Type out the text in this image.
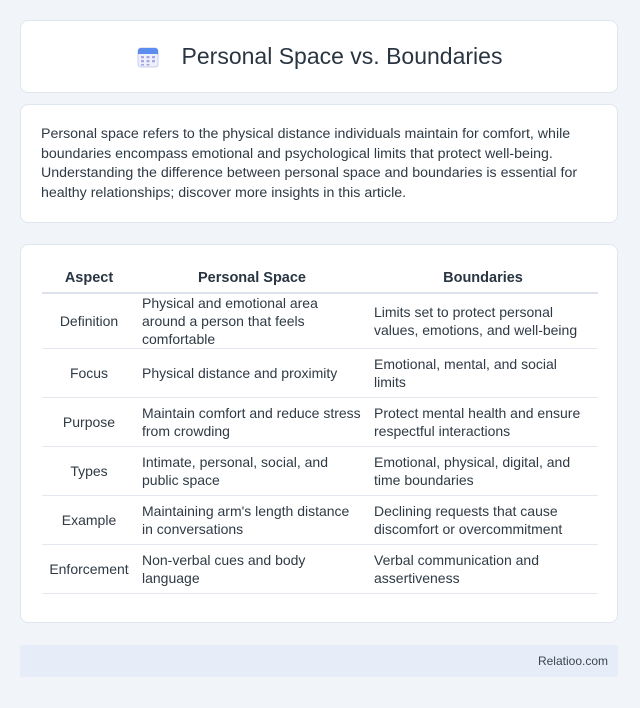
Personal Space vs. Boundaries

Personal space refers to the physical distance individuals maintain for comfort, while boundaries encompass emotional and psychological limits that protect well-being. Understanding the difference between personal space and boundaries is essential for healthy relationships; discover more insights in this article.

Aspect	Personal Space	Boundaries
Definition	Physical and emotional area around a person that feels comfortable	Limits set to protect personal values, emotions, and well-being
Focus	Physical distance and proximity	Emotional, mental, and social limits
Purpose	Maintain comfort and reduce stress from crowding	Protect mental health and ensure respectful interactions
Types	Intimate, personal, social, and public space	Emotional, physical, digital, and time boundaries
Example	Maintaining arm's length distance in conversations	Declining requests that cause discomfort or overcommitment
Enforcement	Non-verbal cues and body language	Verbal communication and assertiveness
Relatioo.com
